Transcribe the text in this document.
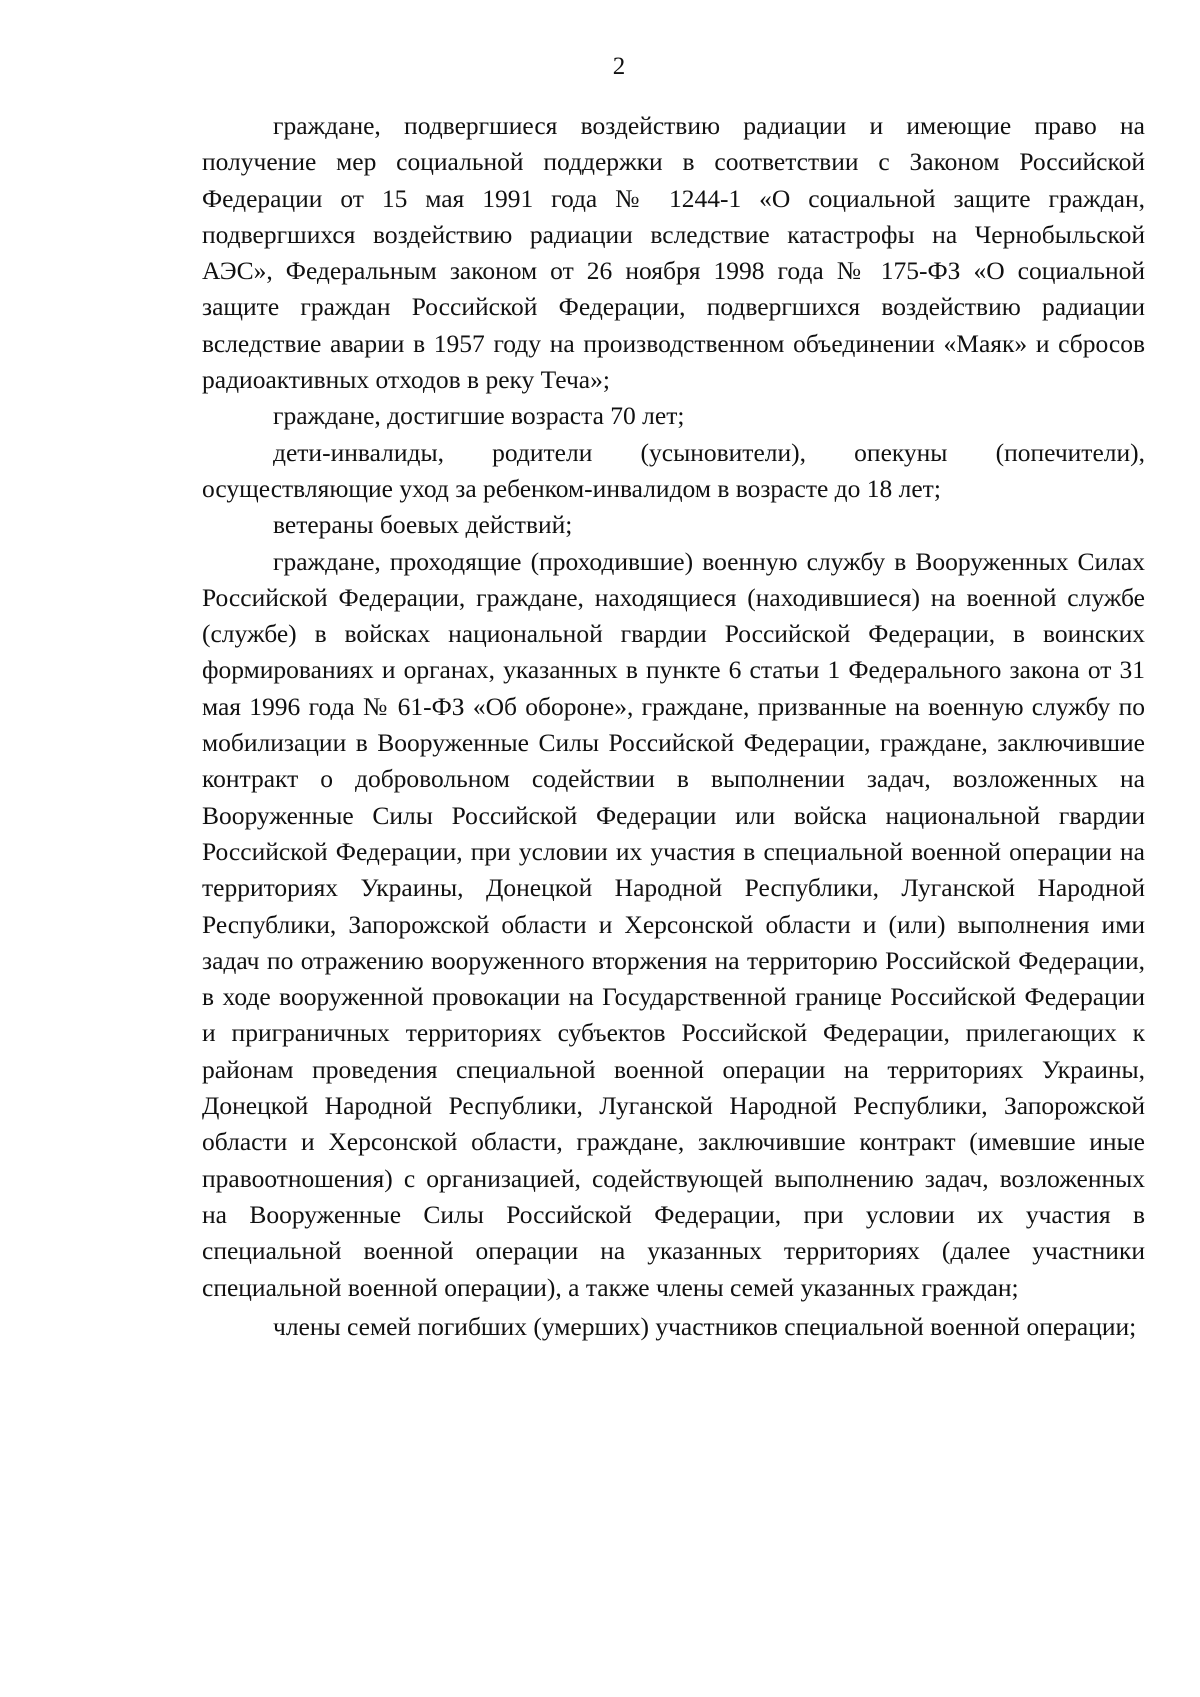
2

граждане, подвергшиеся воздействию радиации и имеющие право на получение мер социальной поддержки в соответствии с Законом Российской Федерации от 15 мая 1991 года № 1244-1 «О социальной защите граждан, подвергшихся воздействию радиации вследствие катастрофы на Чернобыльской АЭС», Федеральным законом от 26 ноября 1998 года № 175-ФЗ «О социальной защите граждан Российской Федерации, подвергшихся воздействию радиации вследствие аварии в 1957 году на производственном объединении «Маяк» и сбросов радиоактивных отходов в реку Теча»;

граждане, достигшие возраста 70 лет;

дети-инвалиды, родители (усыновители), опекуны (попечители), осуществляющие уход за ребенком-инвалидом в возрасте до 18 лет;

ветераны боевых действий;

граждане, проходящие (проходившие) военную службу в Вооруженных Силах Российской Федерации, граждане, находящиеся (находившиеся) на военной службе (службе) в войсках национальной гвардии Российской Федерации, в воинских формированиях и органах, указанных в пункте 6 статьи 1 Федерального закона от 31 мая 1996 года № 61-ФЗ «Об обороне», граждане, призванные на военную службу по мобилизации в Вооруженные Силы Российской Федерации, граждане, заключившие контракт о добровольном содействии в выполнении задач, возложенных на Вооруженные Силы Российской Федерации или войска национальной гвардии Российской Федерации, при условии их участия в специальной военной операции на территориях Украины, Донецкой Народной Республики, Луганской Народной Республики, Запорожской области и Херсонской области и (или) выполнения ими задач по отражению вооруженного вторжения на территорию Российской Федерации, в ходе вооруженной провокации на Государственной границе Российской Федерации и приграничных территориях субъектов Российской Федерации, прилегающих к районам проведения специальной военной операции на территориях Украины, Донецкой Народной Республики, Луганской Народной Республики, Запорожской области и Херсонской области, граждане, заключившие контракт (имевшие иные правоотношения) с организацией, содействующей выполнению задач, возложенных на Вооруженные Силы Российской Федерации, при условии их участия в специальной военной операции на указанных территориях (далее участники специальной военной операции), а также члены семей указанных граждан;

члены семей погибших (умерших) участников специальной военной операции;
